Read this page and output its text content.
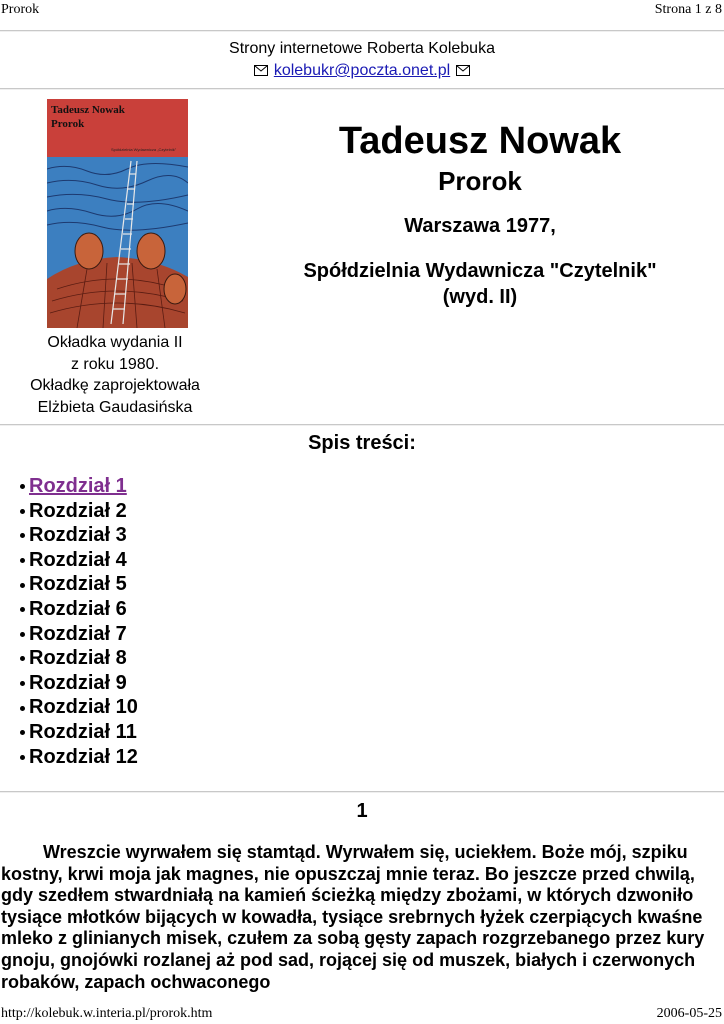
Prorok	Strona 1 z 8
Strony internetowe Roberta Kolebuka
kolebukr@poczta.onet.pl
Tadeusz Nowak
Prorok
Spółdzielnia Wydawnicza „Czytelnik”
Okładka wydania II
z roku 1980.
Okładkę zaprojektowała
Elżbieta Gaudasińska
Tadeusz Nowak
Prorok
Warszawa 1977,
Spółdzielnia Wydawnicza "Czytelnik"
(wyd. II)
Spis treści:
Rozdział 1
Rozdział 2
Rozdział 3
Rozdział 4
Rozdział 5
Rozdział 6
Rozdział 7
Rozdział 8
Rozdział 9
Rozdział 10
Rozdział 11
Rozdział 12
1

Wreszcie wyrwałem się stamtąd. Wyrwałem się, uciekłem. Boże mój, szpiku kostny, krwi moja jak magnes, nie opuszczaj mnie teraz. Bo jeszcze przed chwilą, gdy szedłem stwardniałą na kamień ścieżką między zbożami, w których dzwoniło tysiące młotków bijących w kowadła, tysiące srebrnych łyżek czerpiących kwaśne mleko z glinianych misek, czułem za sobą gęsty zapach rozgrzebanego przez kury gnoju, gnojówki rozlanej aż pod sad, rojącej się od muszek, białych i czerwonych robaków, zapach ochwaconego

http://kolebuk.w.interia.pl/prorok.htm	2006-05-25
